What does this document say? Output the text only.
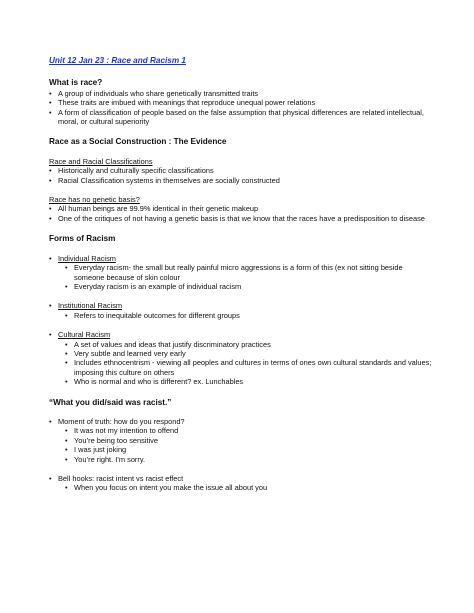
Unit 12 Jan 23 : Race and Racism 1
What is race?
• A group of individuals who share genetically transmitted traits
• These traits are imbued with meanings that reproduce unequal power relations
• A form of classification of people based on the false assumption that physical differences are related intellectual, moral, or cultural superiority
Race as a Social Construction : The Evidence
Race and Racial Classifications
• Historically and culturally specific classifications
• Racial Classification systems in themselves are socially constructed
Race has no genetic basis?
• All human beings are 99.9% identical in their genetic makeup
• One of the critiques of not having a genetic basis is that we know that the races have a predisposition to disease
Forms of Racism
• Individual Racism
• Everyday racism- the small but really painful micro aggressions is a form of this (ex not sitting beside someone because of skin colour
• Everyday racism is an example of individual racism
• Institutional Racism
• Refers to inequitable outcomes for different groups
• Cultural Racism
• A set of values and ideas that justify discriminatory practices
• Very subtle and learned very early
• Includes ethnocentrism - viewing all peoples and cultures in terms of ones own cultural standards and values; imposing this culture on others
• Who is normal and who is different? ex. Lunchables
“What you did/said was racist.”
• Moment of truth: how do you respond?
• It was not my intention to offend
• You’re being too sensitive
• I was just joking
• You’re right. I’m sorry.
• Bell hooks: racist intent vs racist effect
• When you focus on intent you make the issue all about you
